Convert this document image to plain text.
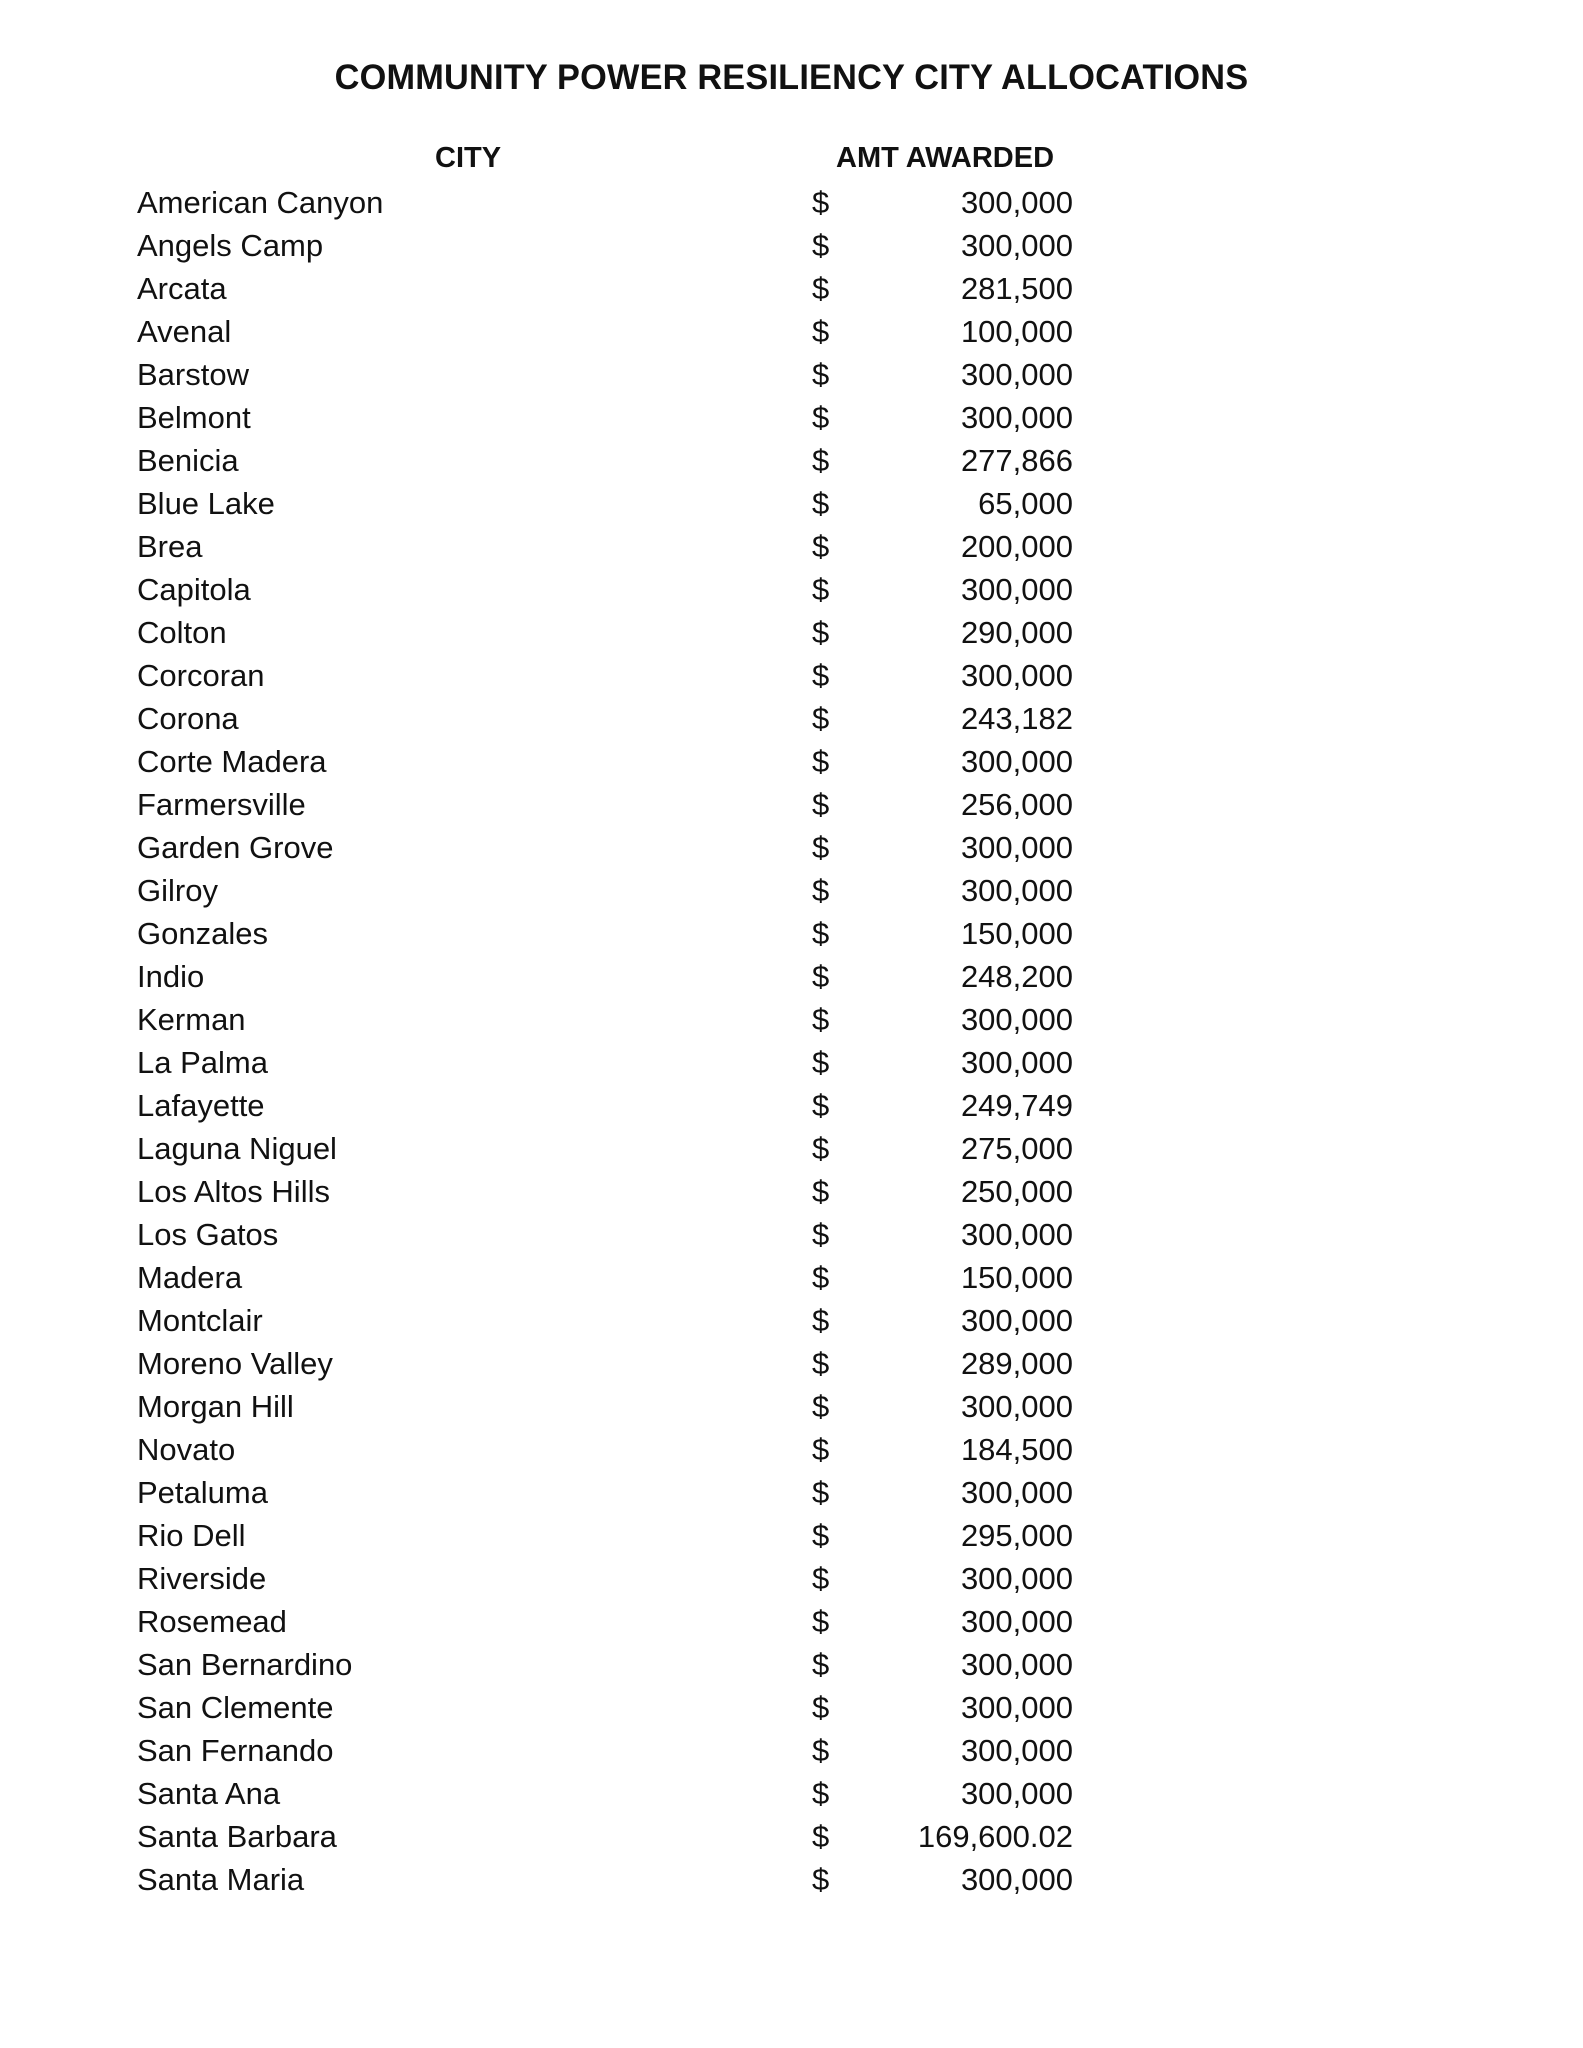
COMMUNITY POWER RESILIENCY CITY ALLOCATIONS
CITY	AMT AWARDED
American Canyon	$	300,000
Angels Camp	$	300,000
Arcata	$	281,500
Avenal	$	100,000
Barstow	$	300,000
Belmont	$	300,000
Benicia	$	277,866
Blue Lake	$	65,000
Brea	$	200,000
Capitola	$	300,000
Colton	$	290,000
Corcoran	$	300,000
Corona	$	243,182
Corte Madera	$	300,000
Farmersville	$	256,000
Garden Grove	$	300,000
Gilroy	$	300,000
Gonzales	$	150,000
Indio	$	248,200
Kerman	$	300,000
La Palma	$	300,000
Lafayette	$	249,749
Laguna Niguel	$	275,000
Los Altos Hills	$	250,000
Los Gatos	$	300,000
Madera	$	150,000
Montclair	$	300,000
Moreno Valley	$	289,000
Morgan Hill	$	300,000
Novato	$	184,500
Petaluma	$	300,000
Rio Dell	$	295,000
Riverside	$	300,000
Rosemead	$	300,000
San Bernardino	$	300,000
San Clemente	$	300,000
San Fernando	$	300,000
Santa Ana	$	300,000
Santa Barbara	$	169,600.02
Santa Maria	$	300,000
